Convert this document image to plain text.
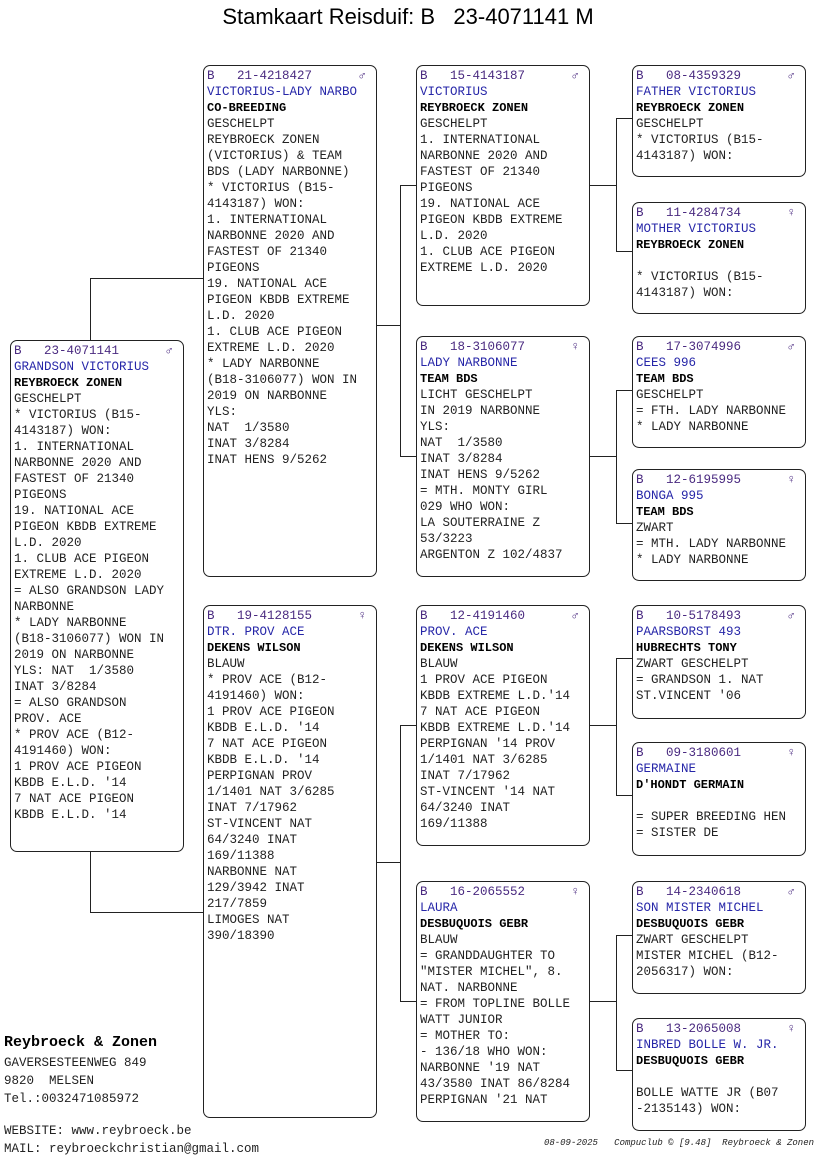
Stamkaart Reisduif: B   23-4071141 M
B 23-4071141	♂
GRANDSON VICTORIUS
REYBROECK ZONEN
GESCHELPT
* VICTORIUS (B15-
4143187) WON:
1. INTERNATIONAL
NARBONNE 2020 AND
FASTEST OF 21340
PIGEONS
19. NATIONAL ACE
PIGEON KBDB EXTREME
L.D. 2020
1. CLUB ACE PIGEON
EXTREME L.D. 2020
= ALSO GRANDSON LADY
NARBONNE
* LADY NARBONNE
(B18-3106077) WON IN
2019 ON NARBONNE
YLS: NAT  1/3580
INAT 3/8284
= ALSO GRANDSON
PROV. ACE
* PROV ACE (B12-
4191460) WON:
1 PROV ACE PIGEON
KBDB E.L.D. '14
7 NAT ACE PIGEON
KBDB E.L.D. '14
B 21-4218427	♂
VICTORIUS-LADY NARBO
CO-BREEDING
GESCHELPT
REYBROECK ZONEN
(VICTORIUS) & TEAM
BDS (LADY NARBONNE)
* VICTORIUS (B15-
4143187) WON:
1. INTERNATIONAL
NARBONNE 2020 AND
FASTEST OF 21340
PIGEONS
19. NATIONAL ACE
PIGEON KBDB EXTREME
L.D. 2020
1. CLUB ACE PIGEON
EXTREME L.D. 2020
* LADY NARBONNE
(B18-3106077) WON IN
2019 ON NARBONNE
YLS:
NAT  1/3580
INAT 3/8284
INAT HENS 9/5262
B 19-4128155	♀
DTR. PROV ACE
DEKENS WILSON
BLAUW
* PROV ACE (B12-
4191460) WON:
1 PROV ACE PIGEON
KBDB E.L.D. '14
7 NAT ACE PIGEON
KBDB E.L.D. '14
PERPIGNAN PROV
1/1401 NAT 3/6285
INAT 7/17962
ST-VINCENT NAT
64/3240 INAT
169/11388
NARBONNE NAT
129/3942 INAT
217/7859
LIMOGES NAT
390/18390
B 15-4143187	♂
VICTORIUS
REYBROECK ZONEN
GESCHELPT
1. INTERNATIONAL
NARBONNE 2020 AND
FASTEST OF 21340
PIGEONS
19. NATIONAL ACE
PIGEON KBDB EXTREME
L.D. 2020
1. CLUB ACE PIGEON
EXTREME L.D. 2020
B 18-3106077	♀
LADY NARBONNE
TEAM BDS
LICHT GESCHELPT
IN 2019 NARBONNE
YLS:
NAT  1/3580
INAT 3/8284
INAT HENS 9/5262
= MTH. MONTY GIRL
029 WHO WON:
LA SOUTERRAINE Z
53/3223
ARGENTON Z 102/4837
B 12-4191460	♂
PROV. ACE
DEKENS WILSON
BLAUW
1 PROV ACE PIGEON
KBDB EXTREME L.D.'14
7 NAT ACE PIGEON
KBDB EXTREME L.D.'14
PERPIGNAN '14 PROV
1/1401 NAT 3/6285
INAT 7/17962
ST-VINCENT '14 NAT
64/3240 INAT
169/11388
B 16-2065552	♀
LAURA
DESBUQUOIS GEBR
BLAUW
= GRANDDAUGHTER TO
"MISTER MICHEL", 8.
NAT. NARBONNE
= FROM TOPLINE BOLLE
WATT JUNIOR
= MOTHER TO:
- 136/18 WHO WON:
NARBONNE '19 NAT
43/3580 INAT 86/8284
PERPIGNAN '21 NAT
B 08-4359329	♂
FATHER VICTORIUS
REYBROECK ZONEN
GESCHELPT
* VICTORIUS (B15-
4143187) WON:
B 11-4284734	♀
MOTHER VICTORIUS
REYBROECK ZONEN
* VICTORIUS (B15-
4143187) WON:
B 17-3074996	♂
CEES 996
TEAM BDS
GESCHELPT
= FTH. LADY NARBONNE
* LADY NARBONNE
B 12-6195995	♀
BONGA 995
TEAM BDS
ZWART
= MTH. LADY NARBONNE
* LADY NARBONNE
B 10-5178493	♂
PAARSBORST 493
HUBRECHTS TONY
ZWART GESCHELPT
= GRANDSON 1. NAT
ST.VINCENT '06
B 09-3180601	♀
GERMAINE
D'HONDT GERMAIN
= SUPER BREEDING HEN
= SISTER DE
B 14-2340618	♂
SON MISTER MICHEL
DESBUQUOIS GEBR
ZWART GESCHELPT
MISTER MICHEL (B12-
2056317) WON:
B 13-2065008	♀
INBRED BOLLE W. JR.
DESBUQUOIS GEBR
BOLLE WATTE JR (B07
-2135143) WON:
Reybroeck & Zonen
GAVERSESTEENWEG 849
9820  MELSEN
Tel.:0032471085972
WEBSITE: www.reybroeck.be
MAIL: reybroeckchristian@gmail.com	08-09-2025   Compuclub © [9.48]  Reybroeck & Zonen
